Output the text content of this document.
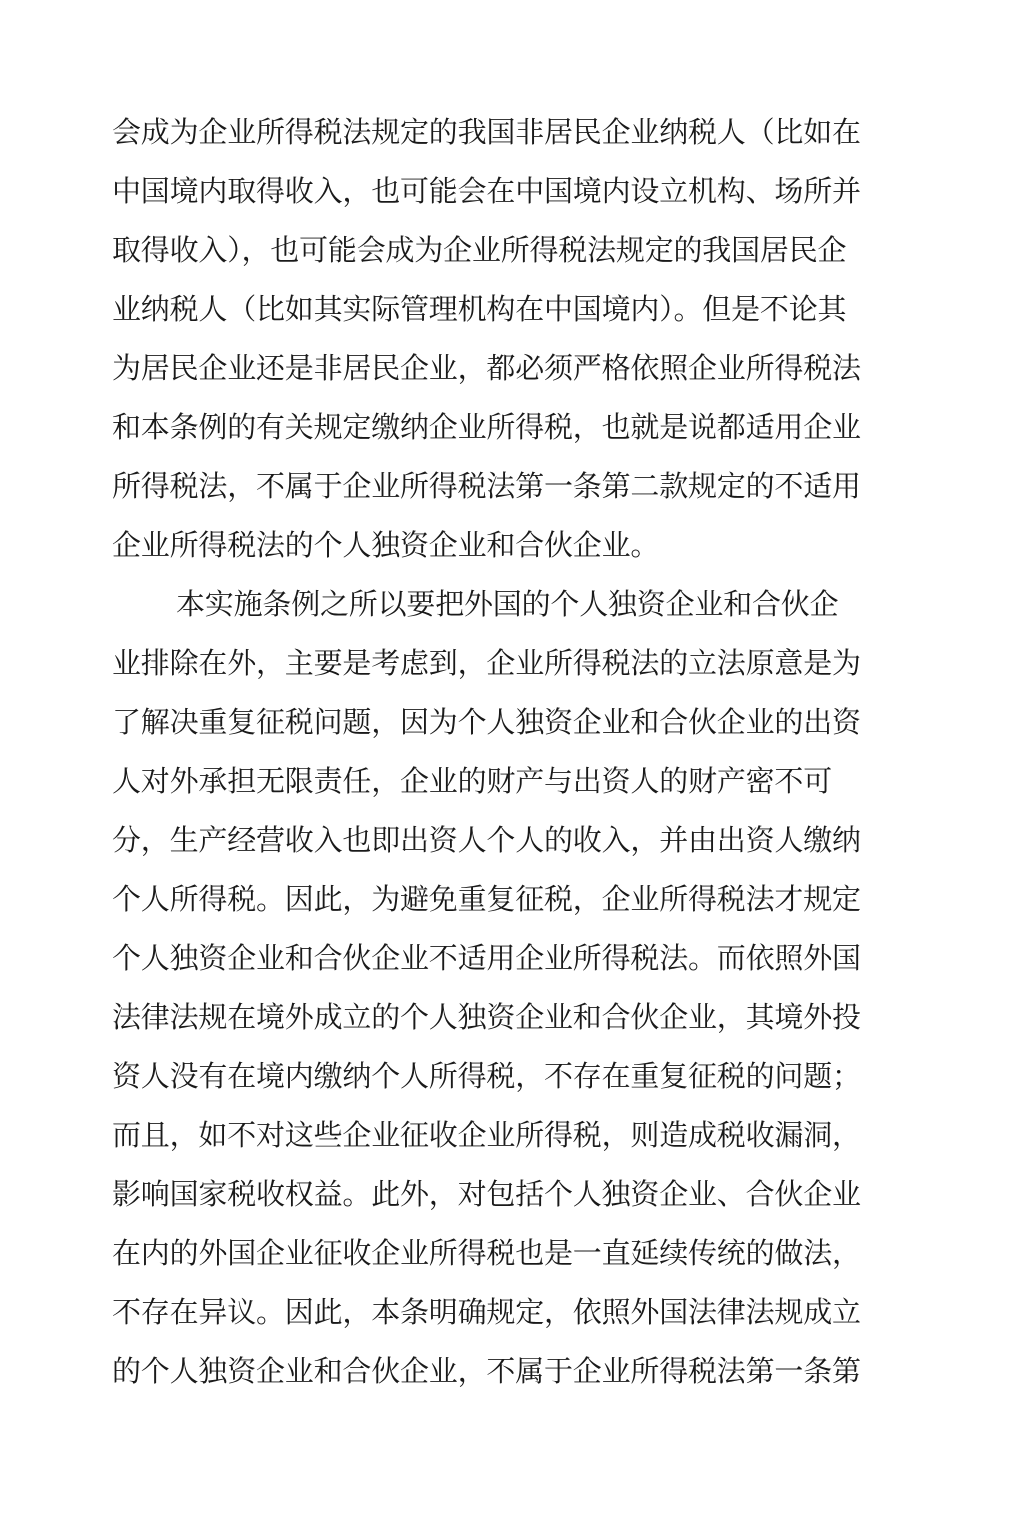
会成为企业所得税法规定的我国非居民企业纳税人（比如在
中国境内取得收入，也可能会在中国境内设立机构、场所并
取得收入），也可能会成为企业所得税法规定的我国居民企
业纳税人（比如其实际管理机构在中国境内）。但是不论其
为居民企业还是非居民企业，都必须严格依照企业所得税法
和本条例的有关规定缴纳企业所得税，也就是说都适用企业
所得税法，不属于企业所得税法第一条第二款规定的不适用
企业所得税法的个人独资企业和合伙企业。
本实施条例之所以要把外国的个人独资企业和合伙企
业排除在外，主要是考虑到，企业所得税法的立法原意是为
了解决重复征税问题，因为个人独资企业和合伙企业的出资
人对外承担无限责任，企业的财产与出资人的财产密不可
分，生产经营收入也即出资人个人的收入，并由出资人缴纳
个人所得税。因此，为避免重复征税，企业所得税法才规定
个人独资企业和合伙企业不适用企业所得税法。而依照外国
法律法规在境外成立的个人独资企业和合伙企业，其境外投
资人没有在境内缴纳个人所得税，不存在重复征税的问题；
而且，如不对这些企业征收企业所得税，则造成税收漏洞，
影响国家税收权益。此外，对包括个人独资企业、合伙企业
在内的外国企业征收企业所得税也是一直延续传统的做法，
不存在异议。因此，本条明确规定，依照外国法律法规成立
的个人独资企业和合伙企业，不属于企业所得税法第一条第
